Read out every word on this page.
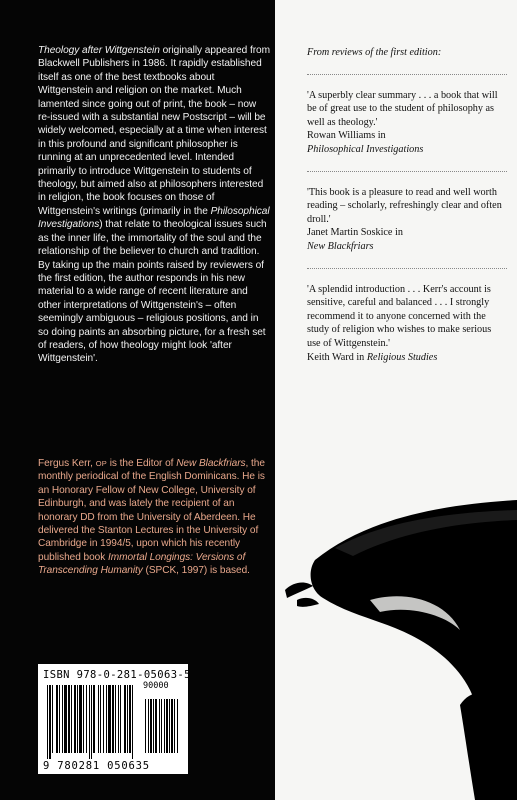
Theology after Wittgenstein originally appeared from Blackwell Publishers in 1986. It rapidly established itself as one of the best textbooks about Wittgenstein and religion on the market. Much lamented since going out of print, the book – now re-issued with a substantial new Postscript – will be widely welcomed, especially at a time when interest in this profound and significant philosopher is running at an unprecedented level. Intended primarily to introduce Wittgenstein to students of theology, but aimed also at philosophers interested in religion, the book focuses on those of Wittgenstein's writings (primarily in the Philosophical Investigations) that relate to theological issues such as the inner life, the immortality of the soul and the relationship of the believer to church and tradition. By taking up the main points raised by reviewers of the first edition, the author responds in his new material to a wide range of recent literature and other interpretations of Wittgenstein's – often seemingly ambiguous – religious positions, and in so doing paints an absorbing picture, for a fresh set of readers, of how theology might look 'after Wittgenstein'.

Fergus Kerr, OP is the Editor of New Blackfriars, the monthly periodical of the English Dominicans. He is an Honorary Fellow of New College, University of Edinburgh, and was lately the recipient of an honorary DD from the University of Aberdeen. He delivered the Stanton Lectures in the University of Cambridge in 1994/5, upon which his recently published book Immortal Longings: Versions of Transcending Humanity (SPCK, 1997) is based.

ISBN 978-0-281-05063-5
90000
9 780281 050635
From reviews of the first edition:
'A superbly clear summary . . . a book that will be of great use to the student of philosophy as well as theology.'
Rowan Williams in
Philosophical Investigations
'This book is a pleasure to read and well worth reading – scholarly, refreshingly clear and often droll.'
Janet Martin Soskice in
New Blackfriars
'A splendid introduction . . . Kerr's account is sensitive, careful and balanced . . . I strongly recommend it to anyone concerned with the study of religion who wishes to make serious use of Wittgenstein.'
Keith Ward in Religious Studies
